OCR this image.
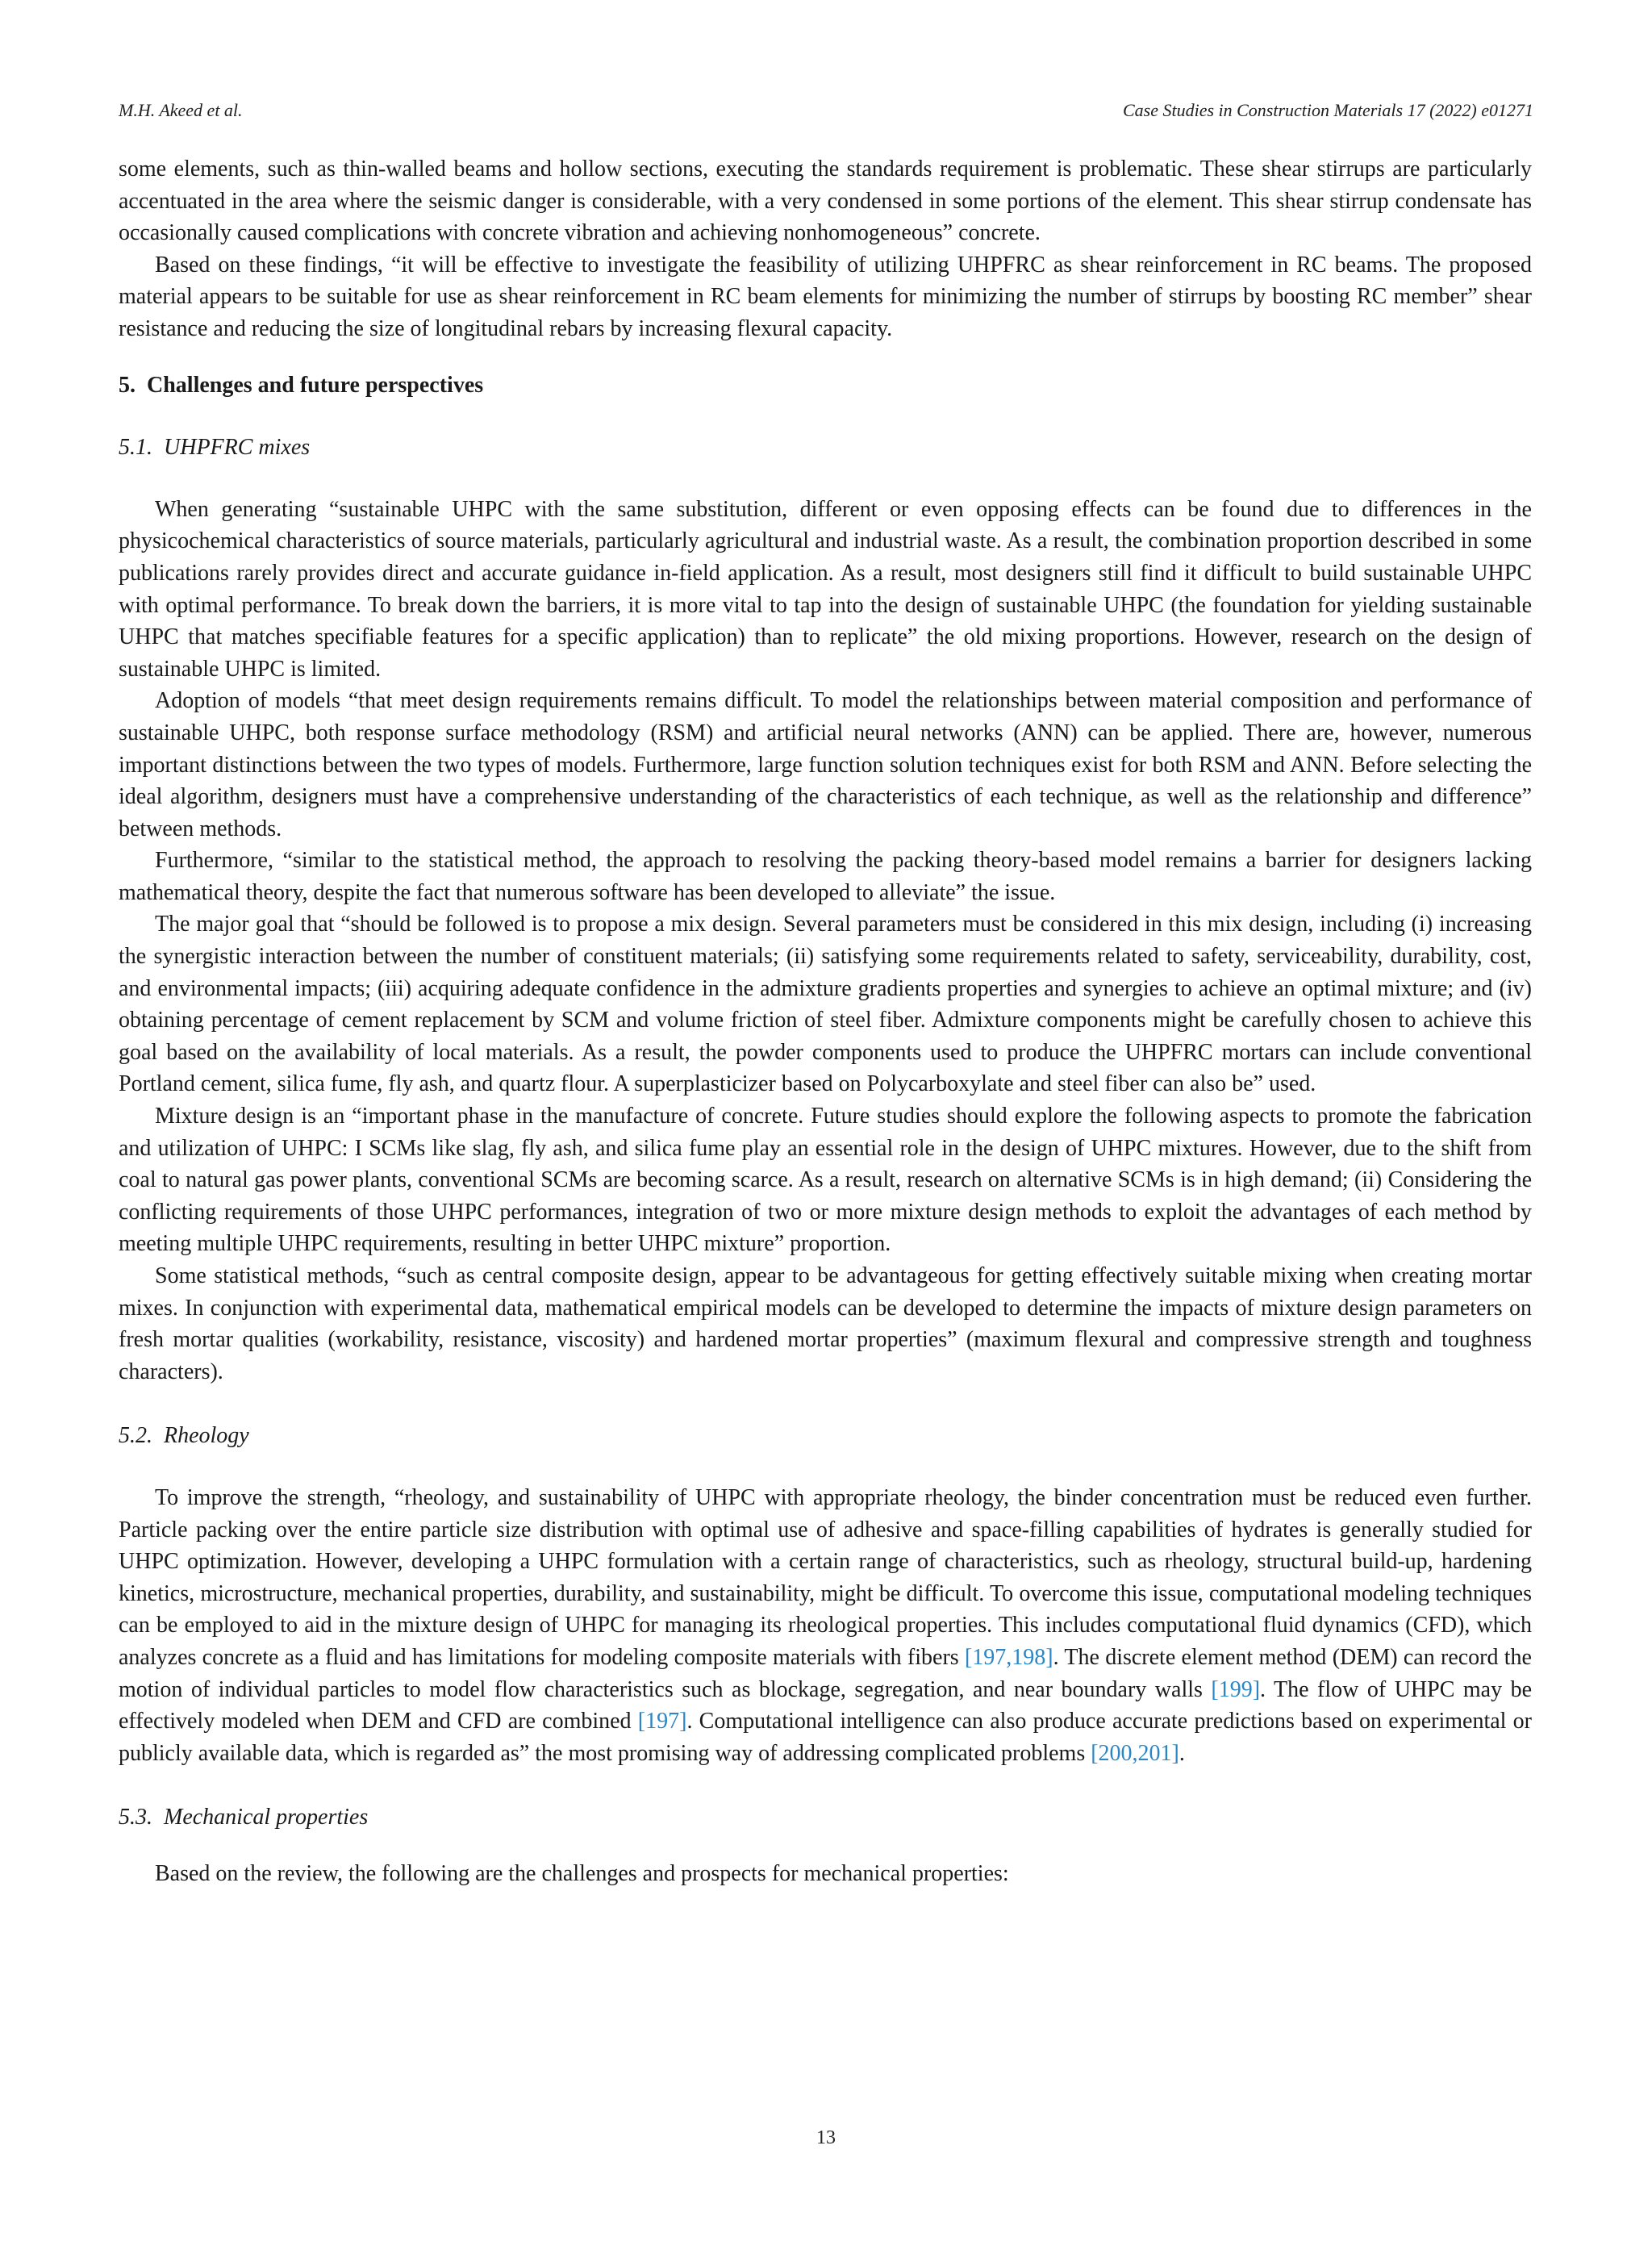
M.H. Akeed et al.	Case Studies in Construction Materials 17 (2022) e01271

some elements, such as thin-walled beams and hollow sections, executing the standards requirement is problematic. These shear stirrups are particularly accentuated in the area where the seismic danger is considerable, with a very condensed in some portions of the element. This shear stirrup condensate has occasionally caused complications with concrete vibration and achieving nonhomogeneous” concrete.

Based on these findings, “it will be effective to investigate the feasibility of utilizing UHPFRC as shear reinforcement in RC beams. The proposed material appears to be suitable for use as shear reinforcement in RC beam elements for minimizing the number of stirrups by boosting RC member” shear resistance and reducing the size of longitudinal rebars by increasing flexural capacity.

5. Challenges and future perspectives
5.1. UHPFRC mixes

When generating “sustainable UHPC with the same substitution, different or even opposing effects can be found due to differences in the physicochemical characteristics of source materials, particularly agricultural and industrial waste. As a result, the combination proportion described in some publications rarely provides direct and accurate guidance in-field application. As a result, most designers still find it difficult to build sustainable UHPC with optimal performance. To break down the barriers, it is more vital to tap into the design of sustainable UHPC (the foundation for yielding sustainable UHPC that matches specifiable features for a specific application) than to replicate” the old mixing proportions. However, research on the design of sustainable UHPC is limited.

Adoption of models “that meet design requirements remains difficult. To model the relationships between material composition and performance of sustainable UHPC, both response surface methodology (RSM) and artificial neural networks (ANN) can be applied. There are, however, numerous important distinctions between the two types of models. Furthermore, large function solution techniques exist for both RSM and ANN. Before selecting the ideal algorithm, designers must have a comprehensive understanding of the characteristics of each technique, as well as the relationship and difference” between methods.

Furthermore, “similar to the statistical method, the approach to resolving the packing theory-based model remains a barrier for designers lacking mathematical theory, despite the fact that numerous software has been developed to alleviate” the issue.

The major goal that “should be followed is to propose a mix design. Several parameters must be considered in this mix design, including (i) increasing the synergistic interaction between the number of constituent materials; (ii) satisfying some requirements related to safety, serviceability, durability, cost, and environmental impacts; (iii) acquiring adequate confidence in the admixture gradients properties and synergies to achieve an optimal mixture; and (iv) obtaining percentage of cement replacement by SCM and volume friction of steel fiber. Admixture components might be carefully chosen to achieve this goal based on the availability of local materials. As a result, the powder components used to produce the UHPFRC mortars can include conventional Portland cement, silica fume, fly ash, and quartz flour. A superplasticizer based on Polycarboxylate and steel fiber can also be” used.

Mixture design is an “important phase in the manufacture of concrete. Future studies should explore the following aspects to promote the fabrication and utilization of UHPC: I SCMs like slag, fly ash, and silica fume play an essential role in the design of UHPC mixtures. However, due to the shift from coal to natural gas power plants, conventional SCMs are becoming scarce. As a result, research on alternative SCMs is in high demand; (ii) Considering the conflicting requirements of those UHPC performances, integration of two or more mixture design methods to exploit the advantages of each method by meeting multiple UHPC requirements, resulting in better UHPC mixture” proportion.

Some statistical methods, “such as central composite design, appear to be advantageous for getting effectively suitable mixing when creating mortar mixes. In conjunction with experimental data, mathematical empirical models can be developed to determine the impacts of mixture design parameters on fresh mortar qualities (workability, resistance, viscosity) and hardened mortar properties” (maximum flexural and compressive strength and toughness characters).

5.2. Rheology

To improve the strength, “rheology, and sustainability of UHPC with appropriate rheology, the binder concentration must be reduced even further. Particle packing over the entire particle size distribution with optimal use of adhesive and space-filling capabilities of hydrates is generally studied for UHPC optimization. However, developing a UHPC formulation with a certain range of characteristics, such as rheology, structural build-up, hardening kinetics, microstructure, mechanical properties, durability, and sustainability, might be difficult. To overcome this issue, computational modeling techniques can be employed to aid in the mixture design of UHPC for managing its rheological properties. This includes computational fluid dynamics (CFD), which analyzes concrete as a fluid and has limitations for modeling composite materials with fibers [197,198]. The discrete element method (DEM) can record the motion of individual particles to model flow characteristics such as blockage, segregation, and near boundary walls [199]. The flow of UHPC may be effectively modeled when DEM and CFD are combined [197]. Computational intelligence can also produce accurate predictions based on experimental or publicly available data, which is regarded as” the most promising way of addressing complicated problems [200,201].

5.3. Mechanical properties

Based on the review, the following are the challenges and prospects for mechanical properties:

13
